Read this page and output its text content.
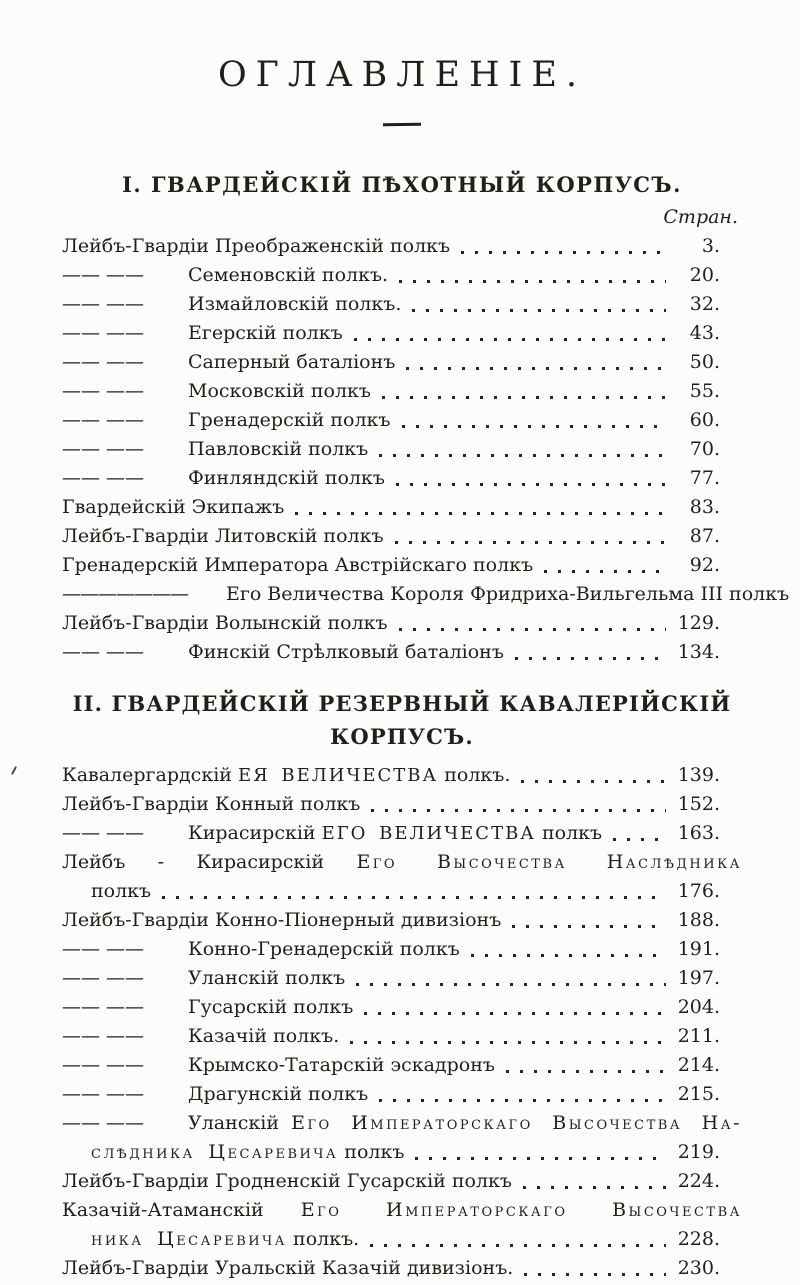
ОГЛАВЛЕНІЕ.
І. ГВАРДЕЙСКІЙ ПѢХОТНЫЙ КОРПУСЪ.
Стран.
Лейбъ-Гвардіи Преображенскій полкъ	3.
—— ——	Семеновскій полкъ.	20.
—— ——	Измайловскій полкъ.	32.
—— ——	Егерскій полкъ	43.
—— ——	Саперный баталіонъ	50.
—— ——	Московскій полкъ	55.
—— ——	Гренадерскій полкъ	60.
—— ——	Павловскій полкъ	70.
—— ——	Финляндскій полкъ	77.
Гвардейскій Экипажъ	83.
Лейбъ-Гвардіи Литовскій полкъ	87.
Гренадерскій Императора Австрійскаго полкъ	92.
———————	Его Величества Короля Фридриха-Вильгельма III полкъ
Лейбъ-Гвардіи Волынскій полкъ	129.
—— ——	Финскій Стрѣлковый баталіонъ	134.
ІІ. ГВАРДЕЙСКІЙ РЕЗЕРВНЫЙ КАВАЛЕРІЙСКІЙ
КОРПУСЪ.
Кавалергардскій ЕЯ ВЕЛИЧЕСТВА полкъ.	139.
Лейбъ-Гвардіи Конный полкъ	152.
—— ——	Кирасирскій ЕГО ВЕЛИЧЕСТВА полкъ	163.
Лейбъ - Кирасирскій Его Высочества Наслѣдника
полкъ	176.
Лейбъ-Гвардіи Конно-Піонерный дивизіонъ	188.
—— ——	Конно-Гренадерскій полкъ	191.
—— ——	Уланскій полкъ	197.
—— ——	Гусарскій полкъ	204.
—— ——	Казачій полкъ.	211.
—— ——	Крымско-Татарскій эскадронъ	214.
—— ——	Драгунскій полкъ	215.
—— ——	Уланскій Его Императорскаго Высочества На-
слѣдника Цесаревича полкъ	219.
Лейбъ-Гвардіи Гродненскій Гусарскій полкъ	224.
Казачій-Атаманскій Его Императорскаго Высочества
ника Цесаревича полкъ.	228.
Лейбъ-Гвардіи Уральскій Казачій дивизіонъ.	230.
